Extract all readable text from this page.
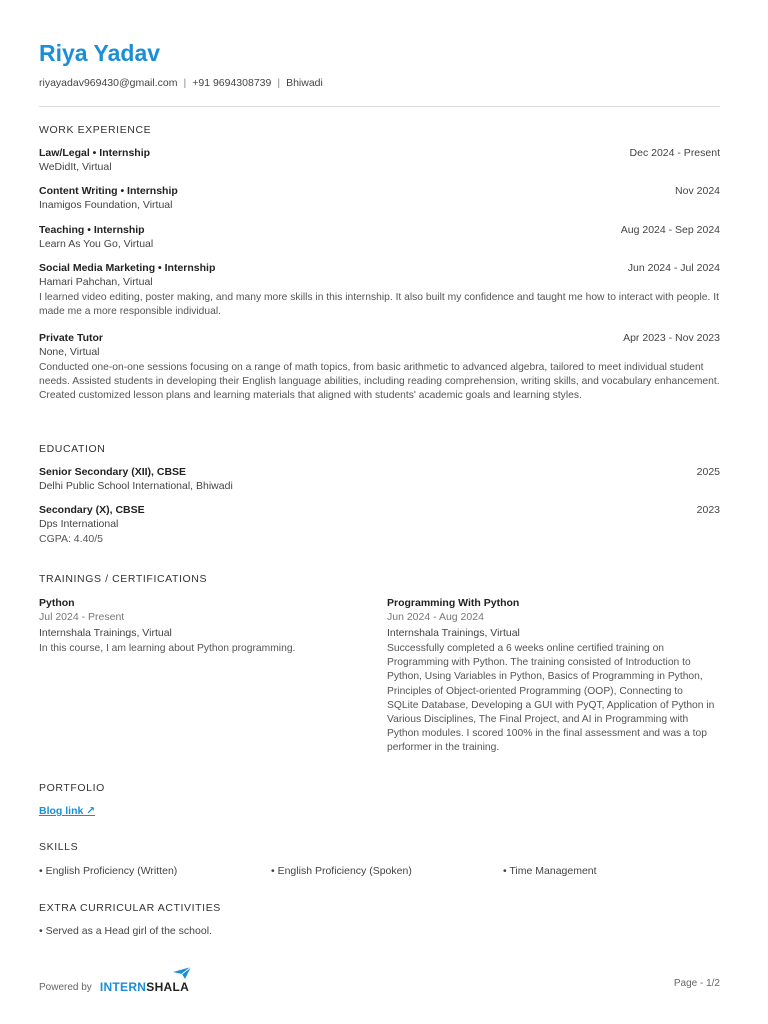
Riya Yadav
riyayadav969430@gmail.com | +91 9694308739 | Bhiwadi
WORK EXPERIENCE
Law/Legal • Internship	Dec 2024 - Present
WeDidIt, Virtual
Content Writing • Internship	Nov 2024
Inamigos Foundation, Virtual
Teaching • Internship	Aug 2024 - Sep 2024
Learn As You Go, Virtual
Social Media Marketing • Internship	Jun 2024 - Jul 2024
Hamari Pahchan, Virtual
I learned video editing, poster making, and many more skills in this internship. It also built my confidence and taught me how to interact with people. It made me a more responsible individual.
Private Tutor	Apr 2023 - Nov 2023
None, Virtual
Conducted one-on-one sessions focusing on a range of math topics, from basic arithmetic to advanced algebra, tailored to meet individual student needs. Assisted students in developing their English language abilities, including reading comprehension, writing skills, and vocabulary enhancement. Created customized lesson plans and learning materials that aligned with students' academic goals and learning styles.
EDUCATION
Senior Secondary (XII), CBSE	2025
Delhi Public School International, Bhiwadi
Secondary (X), CBSE	2023
Dps International
CGPA: 4.40/5
TRAININGS / CERTIFICATIONS
Python
Jul 2024 - Present
Internshala Trainings, Virtual
In this course, I am learning about Python programming.
Programming With Python
Jun 2024 - Aug 2024
Internshala Trainings, Virtual
Successfully completed a 6 weeks online certified training on Programming with Python. The training consisted of Introduction to Python, Using Variables in Python, Basics of Programming in Python, Principles of Object-oriented Programming (OOP), Connecting to SQLite Database, Developing a GUI with PyQT, Application of Python in Various Disciplines, The Final Project, and AI in Programming with Python modules. I scored 100% in the final assessment and was a top performer in the training.
PORTFOLIO
Blog link ↗
SKILLS
• English Proficiency (Written)	• English Proficiency (Spoken)	• Time Management
EXTRA CURRICULAR ACTIVITIES
• Served as a Head girl of the school.
Powered by INTERN SHALA	Page - 1/2
